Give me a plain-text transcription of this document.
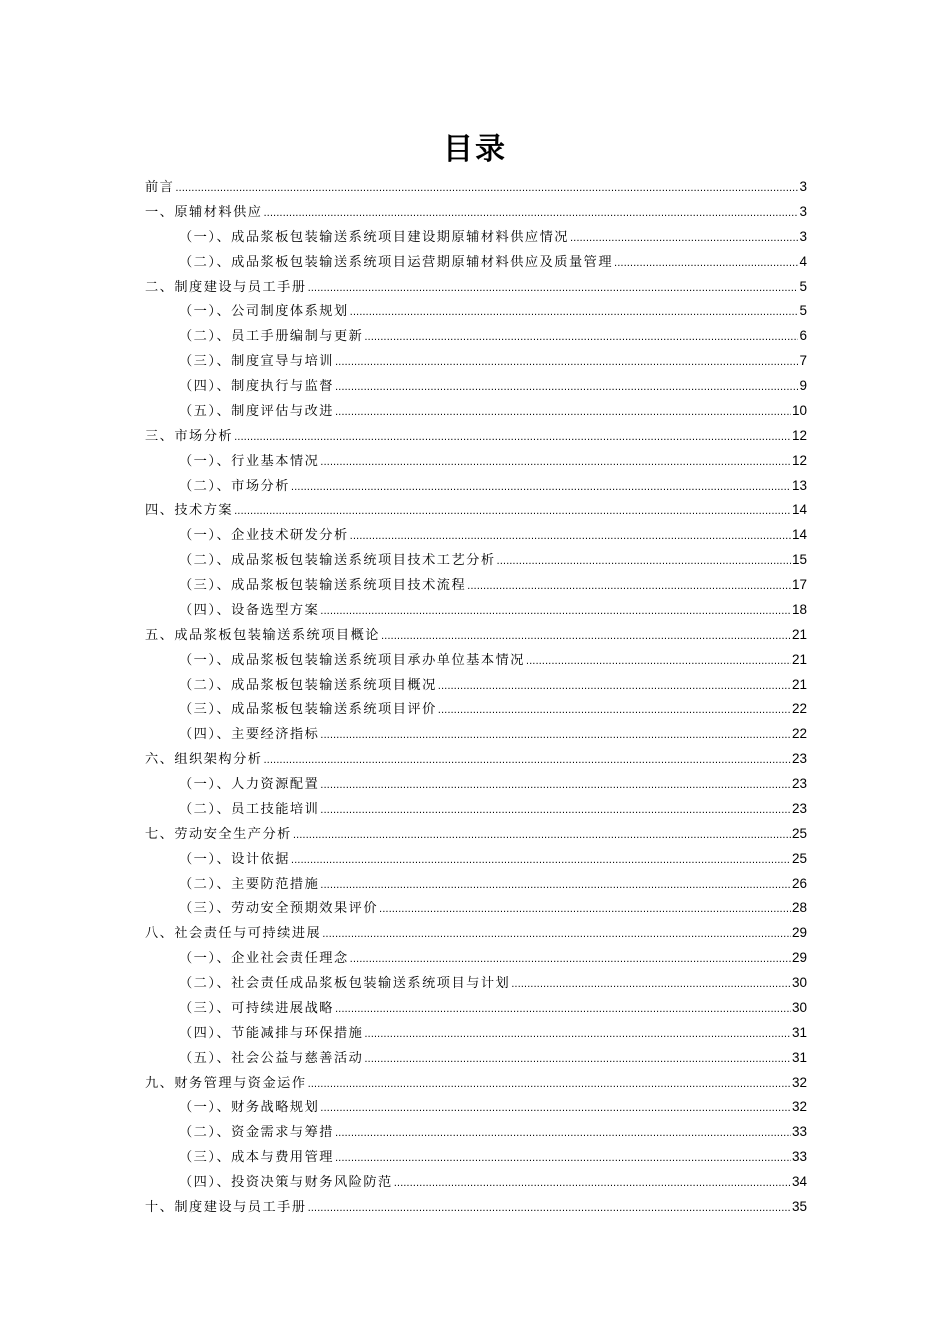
目录
前言 .....	3
一、原辅材料供应 .....	3
（一）、成品浆板包装输送系统项目建设期原辅材料供应情况 .....	3
（二）、成品浆板包装输送系统项目运营期原辅材料供应及质量管理 .....	4
二、制度建设与员工手册 .....	5
（一）、公司制度体系规划 .....	5
（二）、员工手册编制与更新 .....	6
（三）、制度宣导与培训 .....	7
（四）、制度执行与监督 .....	9
（五）、制度评估与改进 .....	10
三、市场分析 .....	12
（一）、行业基本情况 .....	12
（二）、市场分析 .....	13
四、技术方案 .....	14
（一）、企业技术研发分析 .....	14
（二）、成品浆板包装输送系统项目技术工艺分析 .....	15
（三）、成品浆板包装输送系统项目技术流程 .....	17
（四）、设备选型方案 .....	18
五、成品浆板包装输送系统项目概论 .....	21
（一）、成品浆板包装输送系统项目承办单位基本情况 .....	21
（二）、成品浆板包装输送系统项目概况 .....	21
（三）、成品浆板包装输送系统项目评价 .....	22
（四）、主要经济指标 .....	22
六、组织架构分析 .....	23
（一）、人力资源配置 .....	23
（二）、员工技能培训 .....	23
七、劳动安全生产分析 .....	25
（一）、设计依据 .....	25
（二）、主要防范措施 .....	26
（三）、劳动安全预期效果评价 .....	28
八、社会责任与可持续进展 .....	29
（一）、企业社会责任理念 .....	29
（二）、社会责任成品浆板包装输送系统项目与计划 .....	30
（三）、可持续进展战略 .....	30
（四）、节能减排与环保措施 .....	31
（五）、社会公益与慈善活动 .....	31
九、财务管理与资金运作 .....	32
（一）、财务战略规划 .....	32
（二）、资金需求与筹措 .....	33
（三）、成本与费用管理 .....	33
（四）、投资决策与财务风险防范 .....	34
十、制度建设与员工手册 .....	35
